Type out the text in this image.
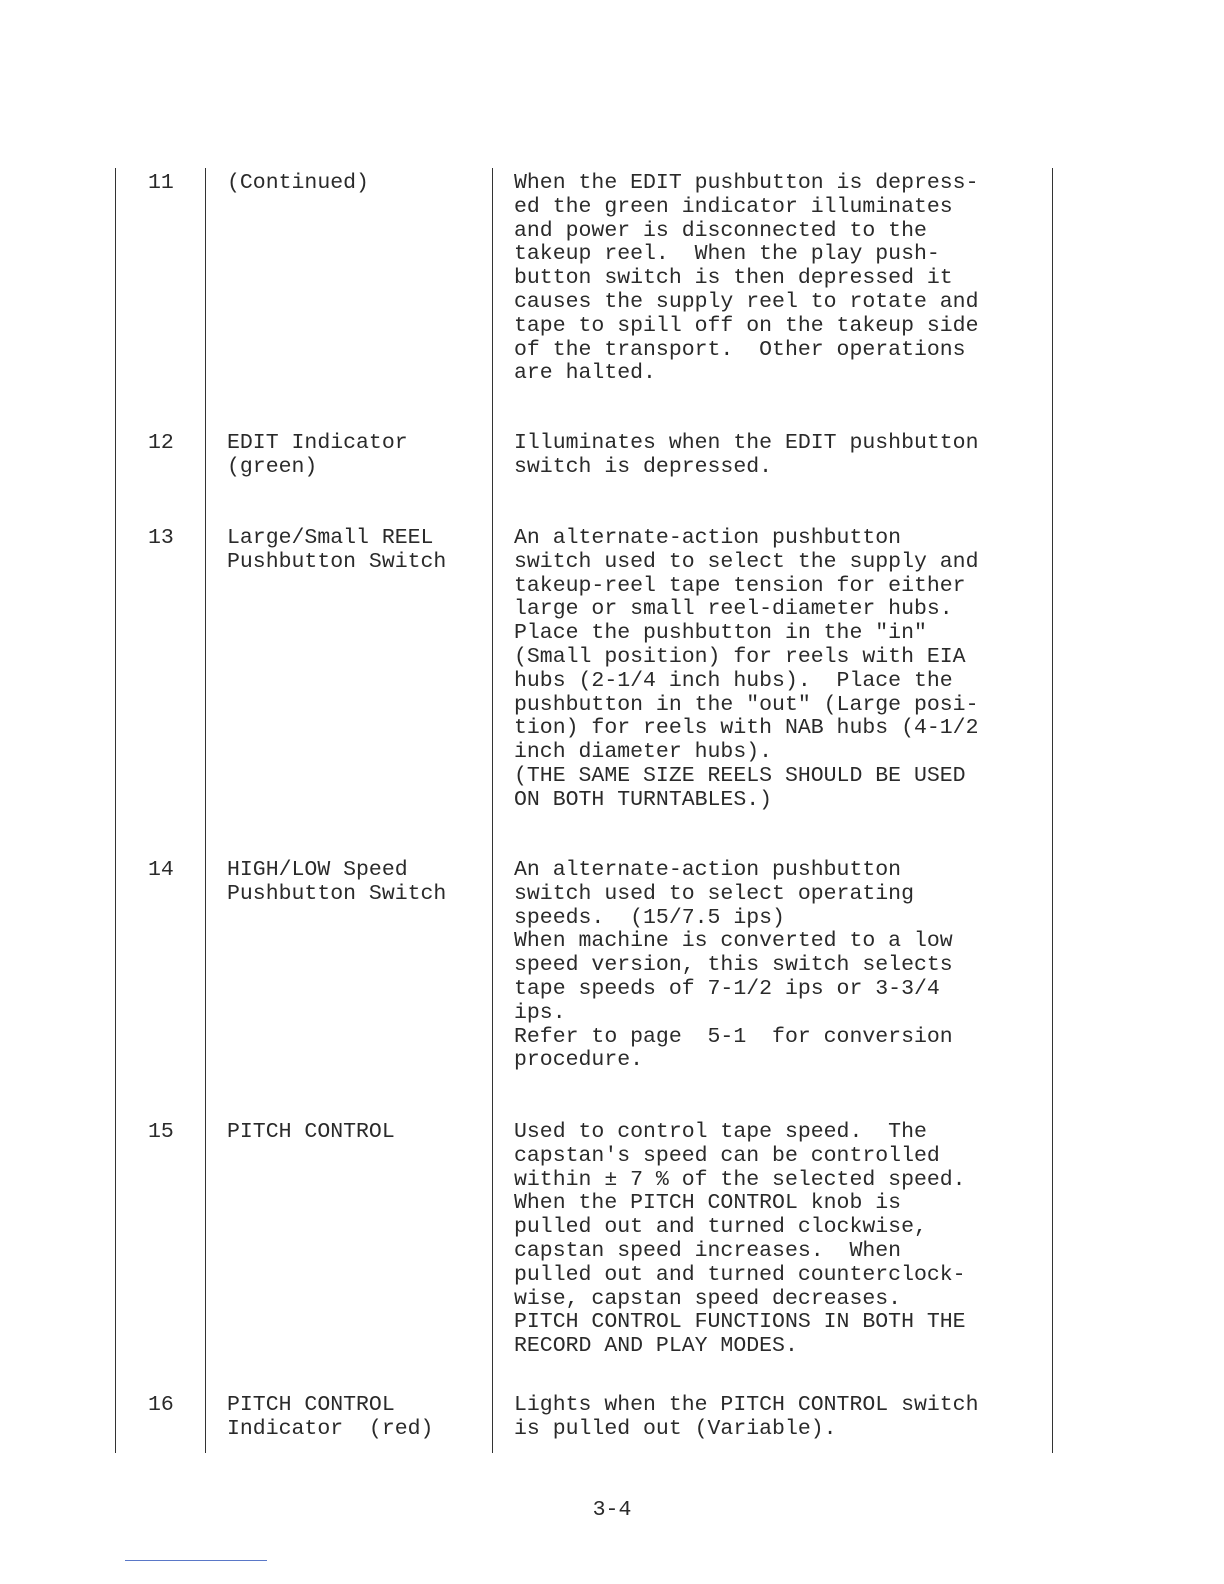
11 (Continued)	When the EDIT pushbutton is depress-
ed the green indicator illuminates
and power is disconnected to the
takeup reel.  When the play push-
button switch is then depressed it
causes the supply reel to rotate and
tape to spill off on the takeup side
of the transport.  Other operations
are halted.
12 EDIT Indicator
(green)
Illuminates when the EDIT pushbutton
switch is depressed.
13 Large/Small REEL
Pushbutton Switch
An alternate-action pushbutton
switch used to select the supply and
takeup-reel tape tension for either
large or small reel-diameter hubs.
Place the pushbutton in the "in"
(Small position) for reels with EIA
hubs (2-1/4 inch hubs).  Place the
pushbutton in the "out" (Large posi-
tion) for reels with NAB hubs (4-1/2
inch diameter hubs).
(THE SAME SIZE REELS SHOULD BE USED
ON BOTH TURNTABLES.)
14 HIGH/LOW Speed
Pushbutton Switch
An alternate-action pushbutton
switch used to select operating
speeds.  (15/7.5 ips)
When machine is converted to a low
speed version, this switch selects
tape speeds of 7-1/2 ips or 3-3/4
ips.
Refer to page  5-1  for conversion
procedure.
15 PITCH CONTROL	Used to control tape speed.  The
capstan's speed can be controlled
within ± 7 % of the selected speed.
When the PITCH CONTROL knob is
pulled out and turned clockwise,
capstan speed increases.  When
pulled out and turned counterclock-
wise, capstan speed decreases.
PITCH CONTROL FUNCTIONS IN BOTH THE
RECORD AND PLAY MODES.
16 PITCH CONTROL
Indicator  (red)
Lights when the PITCH CONTROL switch
is pulled out (Variable).
3-4
